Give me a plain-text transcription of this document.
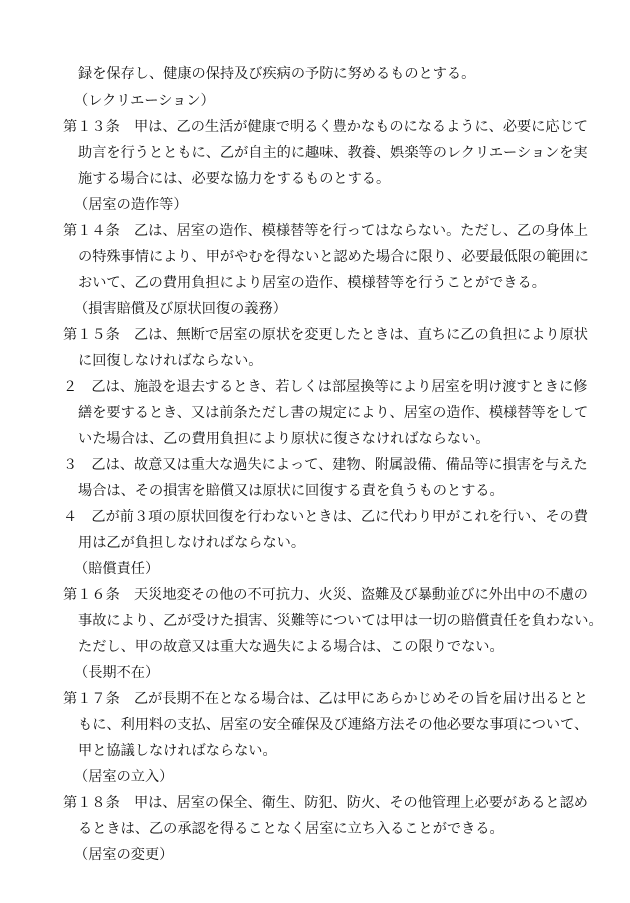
録を保存し、健康の保持及び疾病の予防に努めるものとする。
（レクリエーション）
第１３条　甲は、乙の生活が健康で明るく豊かなものになるように、必要に応じて
助言を行うとともに、乙が自主的に趣味、教養、娯楽等のレクリエーションを実
施する場合には、必要な協力をするものとする。
（居室の造作等）
第１４条　乙は、居室の造作、模様替等を行ってはならない。ただし、乙の身体上
の特殊事情により、甲がやむを得ないと認めた場合に限り、必要最低限の範囲に
おいて、乙の費用負担により居室の造作、模様替等を行うことができる。
（損害賠償及び原状回復の義務）
第１５条　乙は、無断で居室の原状を変更したときは、直ちに乙の負担により原状
に回復しなければならない。
２　乙は、施設を退去するとき、若しくは部屋換等により居室を明け渡すときに修
繕を要するとき、又は前条ただし書の規定により、居室の造作、模様替等をして
いた場合は、乙の費用負担により原状に復さなければならない。
３　乙は、故意又は重大な過失によって、建物、附属設備、備品等に損害を与えた
場合は、その損害を賠償又は原状に回復する責を負うものとする。
４　乙が前３項の原状回復を行わないときは、乙に代わり甲がこれを行い、その費
用は乙が負担しなければならない。
（賠償責任）
第１６条　天災地変その他の不可抗力、火災、盗難及び暴動並びに外出中の不慮の
事故により、乙が受けた損害、災難等については甲は一切の賠償責任を負わない。
ただし、甲の故意又は重大な過失による場合は、この限りでない。
（長期不在）
第１７条　乙が長期不在となる場合は、乙は甲にあらかじめその旨を届け出るとと
もに、利用料の支払、居室の安全確保及び連絡方法その他必要な事項について、
甲と協議しなければならない。
（居室の立入）
第１８条　甲は、居室の保全、衛生、防犯、防火、その他管理上必要があると認め
るときは、乙の承認を得ることなく居室に立ち入ることができる。
（居室の変更）
